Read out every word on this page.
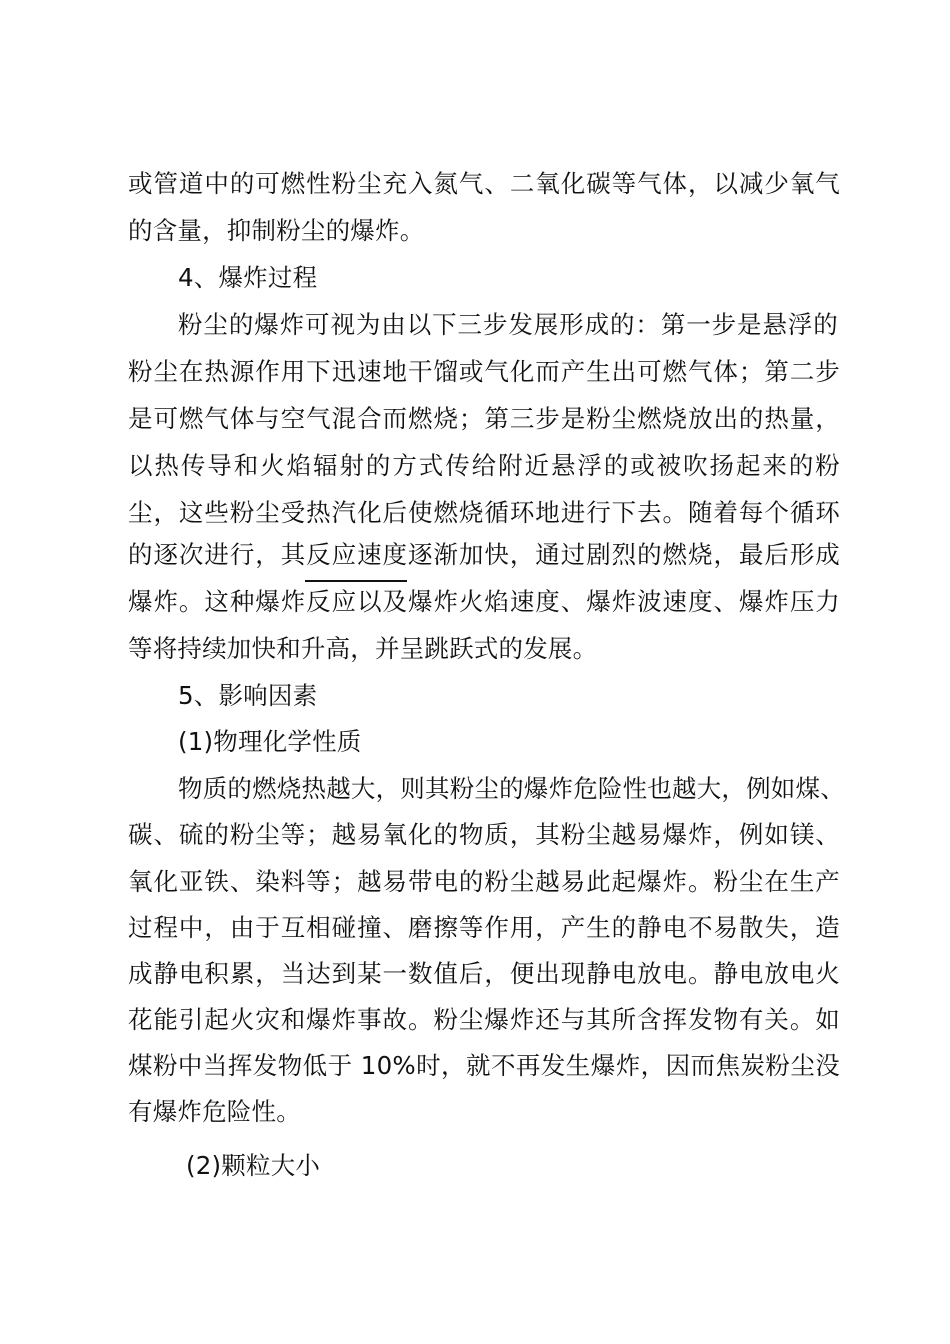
或管道中的可燃性粉尘充入氮气、二氧化碳等气体，以减少氧气
的含量，抑制粉尘的爆炸。
4、爆炸过程
粉尘的爆炸可视为由以下三步发展形成的：第一步是悬浮的
粉尘在热源作用下迅速地干馏或气化而产生出可燃气体；第二步
是可燃气体与空气混合而燃烧；第三步是粉尘燃烧放出的热量，
以热传导和火焰辐射的方式传给附近悬浮的或被吹扬起来的粉
尘，这些粉尘受热汽化后使燃烧循环地进行下去。随着每个循环
的逐次进行，其反应速度逐渐加快，通过剧烈的燃烧，最后形成
爆炸。这种爆炸反应以及爆炸火焰速度、爆炸波速度、爆炸压力
等将持续加快和升高，并呈跳跃式的发展。
5、影响因素
(1)物理化学性质
物质的燃烧热越大，则其粉尘的爆炸危险性也越大，例如煤、
碳、硫的粉尘等；越易氧化的物质，其粉尘越易爆炸，例如镁、
氧化亚铁、染料等；越易带电的粉尘越易此起爆炸。粉尘在生产
过程中，由于互相碰撞、磨擦等作用，产生的静电不易散失，造
成静电积累，当达到某一数值后，便出现静电放电。静电放电火
花能引起火灾和爆炸事故。粉尘爆炸还与其所含挥发物有关。如
煤粉中当挥发物低于 10%时，就不再发生爆炸，因而焦炭粉尘没
有爆炸危险性。
(2)颗粒大小
